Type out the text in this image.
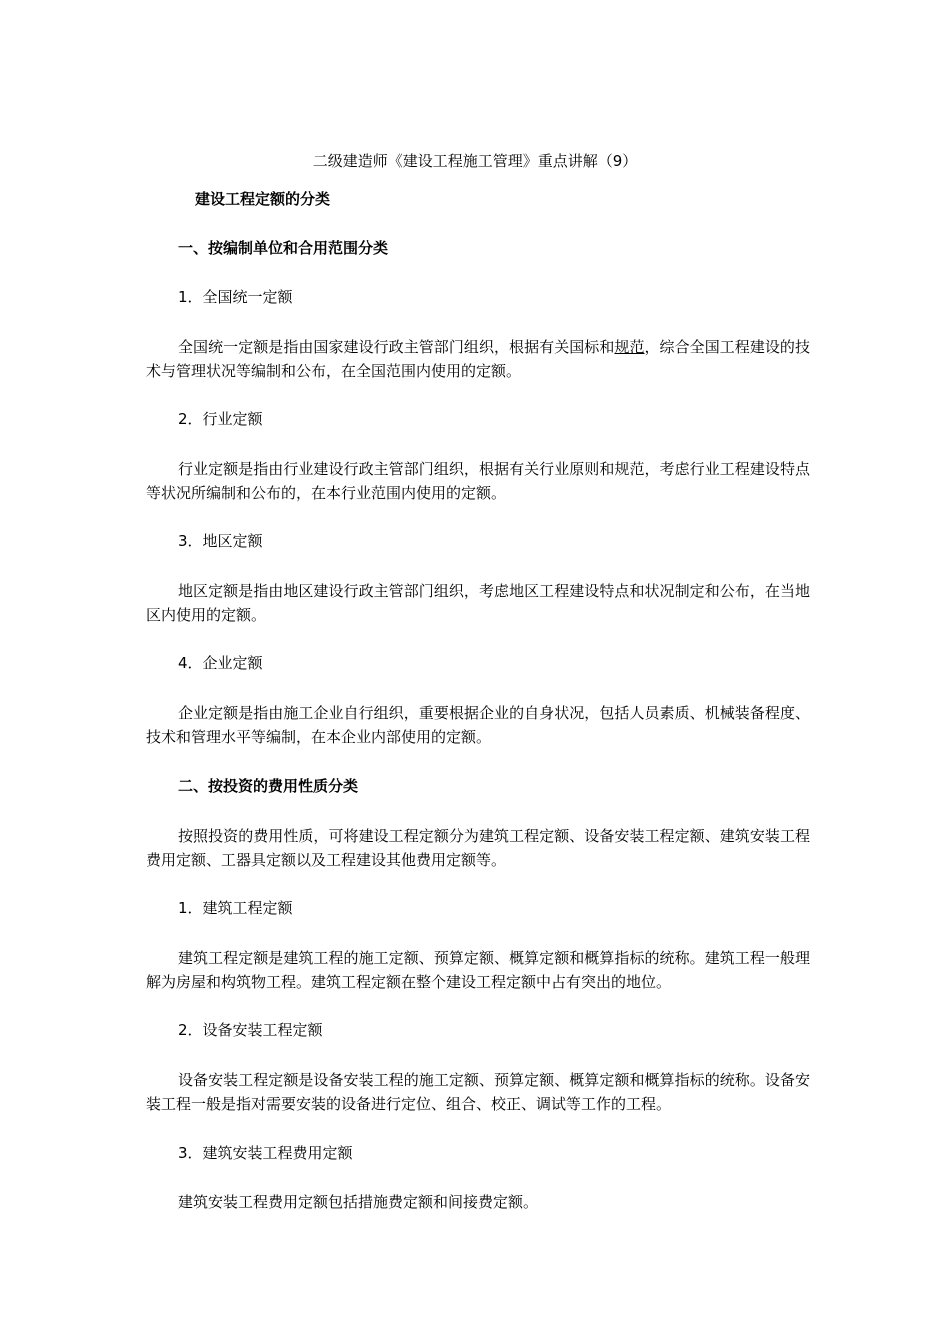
二级建造师《建设工程施工管理》重点讲解（9）
建设工程定额的分类
一、按编制单位和合用范围分类
1．全国统一定额
全国统一定额是指由国家建设行政主管部门组织，根据有关国标和规范，综合全国工程建设的技术与管理状况等编制和公布，在全国范围内使用的定额。
2．行业定额
行业定额是指由行业建设行政主管部门组织，根据有关行业原则和规范，考虑行业工程建设特点等状况所编制和公布的，在本行业范围内使用的定额。
3．地区定额
地区定额是指由地区建设行政主管部门组织，考虑地区工程建设特点和状况制定和公布，在当地区内使用的定额。
4．企业定额
企业定额是指由施工企业自行组织，重要根据企业的自身状况，包括人员素质、机械装备程度、技术和管理水平等编制，在本企业内部使用的定额。
二、按投资的费用性质分类
按照投资的费用性质，可将建设工程定额分为建筑工程定额、设备安装工程定额、建筑安装工程费用定额、工器具定额以及工程建设其他费用定额等。
1．建筑工程定额
建筑工程定额是建筑工程的施工定额、预算定额、概算定额和概算指标的统称。建筑工程一般理解为房屋和构筑物工程。建筑工程定额在整个建设工程定额中占有突出的地位。
2．设备安装工程定额
设备安装工程定额是设备安装工程的施工定额、预算定额、概算定额和概算指标的统称。设备安装工程一般是指对需要安装的设备进行定位、组合、校正、调试等工作的工程。
3．建筑安装工程费用定额
建筑安装工程费用定额包括措施费定额和间接费定额。
